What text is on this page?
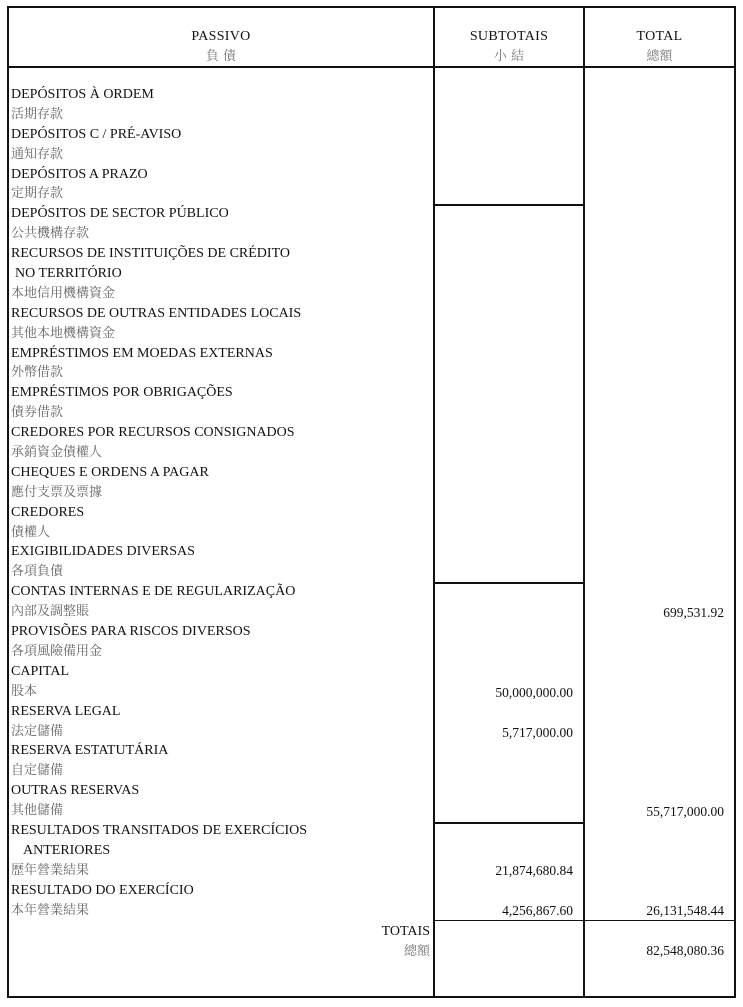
PASSIVO
負 債
SUBTOTAIS
小 結
TOTAL
總額
DEPÓSITOS À ORDEM
活期存款
DEPÓSITOS C / PRÉ-AVISO
通知存款
DEPÓSITOS A PRAZO
定期存款
DEPÓSITOS DE SECTOR PÚBLICO
公共機構存款
RECURSOS DE INSTITUIÇÕES DE CRÉDITO
NO TERRITÓRIO
本地信用機構資金
RECURSOS DE OUTRAS ENTIDADES LOCAIS
其他本地機構資金
EMPRÉSTIMOS EM MOEDAS EXTERNAS
外幣借款
EMPRÉSTIMOS POR OBRIGAÇÕES
債券借款
CREDORES POR RECURSOS CONSIGNADOS
承銷資金債權人
CHEQUES E ORDENS A PAGAR
應付支票及票據
CREDORES
債權人
EXIGIBILIDADES DIVERSAS
各項負債
CONTAS INTERNAS E DE REGULARIZAÇÃO
內部及調整賬
PROVISÕES PARA RISCOS DIVERSOS
各項風險備用金
CAPITAL
股本
RESERVA LEGAL
法定儲備
RESERVA ESTATUTÁRIA
自定儲備
OUTRAS RESERVAS
其他儲備
RESULTADOS TRANSITADOS DE EXERCÍCIOS
ANTERIORES
歷年營業結果
RESULTADO DO EXERCÍCIO
本年營業結果
699,531.92
50,000,000.00
5,717,000.00
55,717,000.00
21,874,680.84
4,256,867.60	26,131,548.44
82,548,080.36
TOTAIS
總額
